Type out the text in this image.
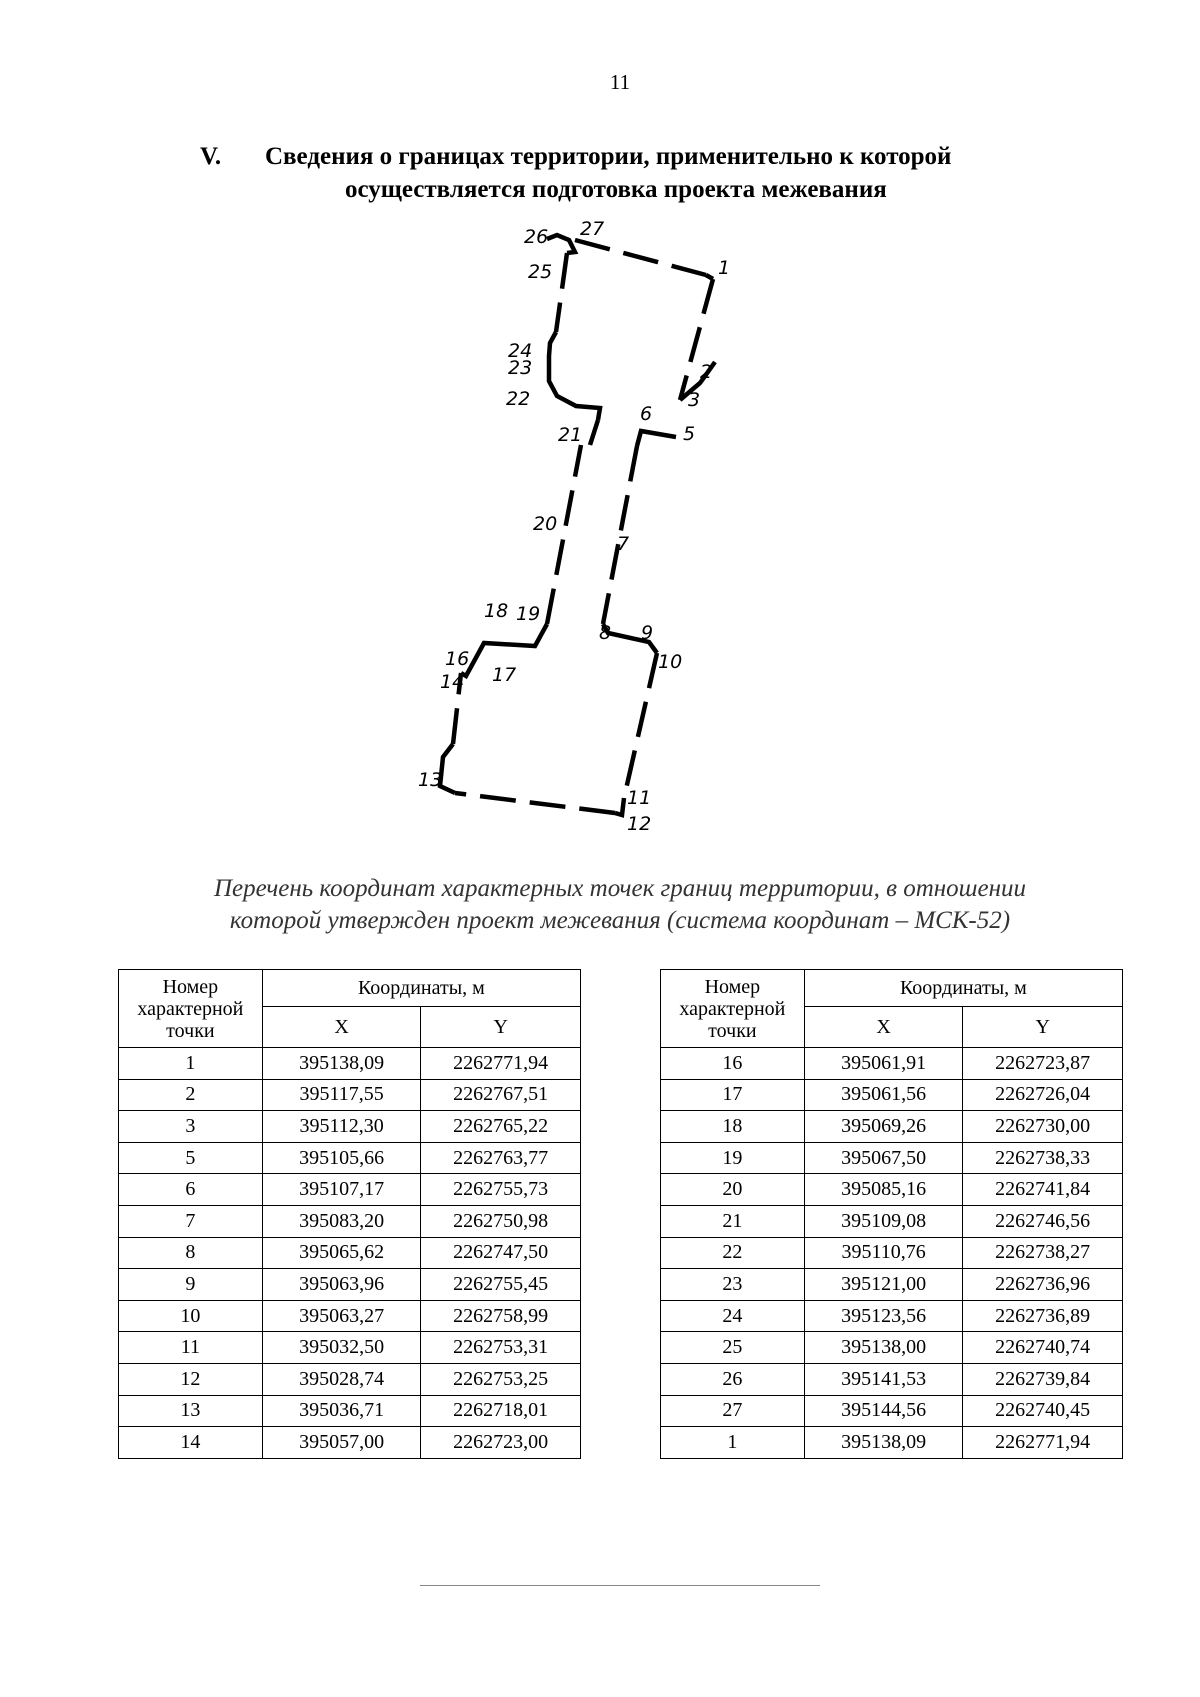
11
V. Сведения о границах территории, применительно к которой
осуществляется подготовка проекта межевания
1
2
3
5
6
7
8 9
10
11
12
13
14
16
17
18 19
20
21
22
23
24
25
26 27
Перечень координат характерных точек границ территории, в отношении
которой утвержден проект межевания (система координат – МСК-52)
Номер
характерной
точки	Координаты, м	
	X	Y
1	395138,09	2262771,94
2	395117,55	2262767,51
3	395112,30	2262765,22
5	395105,66	2262763,77
6	395107,17	2262755,73
7	395083,20	2262750,98
8	395065,62	2262747,50
9	395063,96	2262755,45
10	395063,27	2262758,99
11	395032,50	2262753,31
12	395028,74	2262753,25
13	395036,71	2262718,01
14	395057,00	2262723,00
Номер
характерной
точки	Координаты, м	
	X	Y
16	395061,91	2262723,87
17	395061,56	2262726,04
18	395069,26	2262730,00
19	395067,50	2262738,33
20	395085,16	2262741,84
21	395109,08	2262746,56
22	395110,76	2262738,27
23	395121,00	2262736,96
24	395123,56	2262736,89
25	395138,00	2262740,74
26	395141,53	2262739,84
27	395144,56	2262740,45
1	395138,09	2262771,94
